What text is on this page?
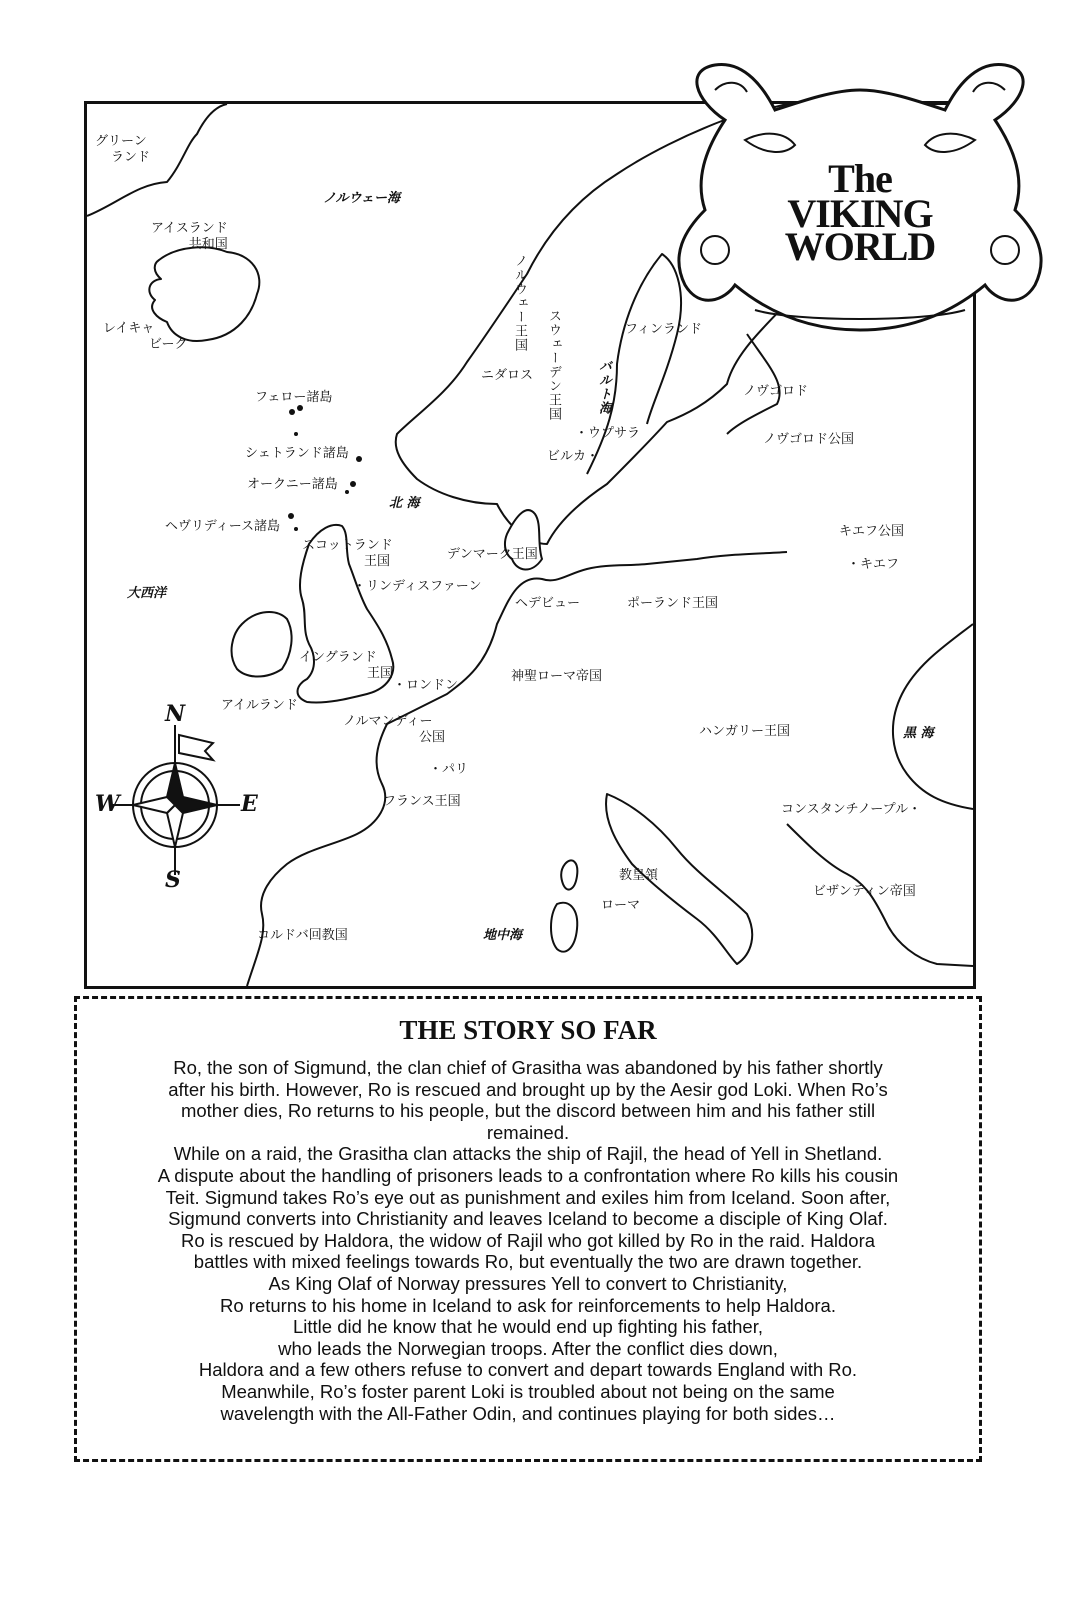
グリーン
ランド
ノルウェー海
アイスランド
共和国
レイキャ
ビーク
フェロー諸島
シェトランド諸島
オークニー諸島
ヘヴリディース諸島
大西洋
北 海
ノルウェー王国
スウェーデン王国	バルト海
フィンランド
ノヴゴロド
ノヴゴロド公国
ニダロス
・ウプサラ
ビルカ・
スコットランド
王国
・リンディスファーン
デンマーク王国
ヘデビュー	ポーランド王国
キエフ公国
・キエフ
イングランド
王国
・ロンドン
アイルランド
神聖ローマ帝国
ノルマンディー
公国
・パリ
フランス王国
ハンガリー王国	黒 海
コンスタンチノープル・
教皇領
ローマ
ビザンティン帝国
コルドバ回教国	地中海
The
VIKING
WORLD
N
S
W	E
THE STORY SO FAR

Ro, the son of Sigmund, the clan chief of Grasitha was abandoned by his father shortly

after his birth. However, Ro is rescued and brought up by the Aesir god Loki. When Ro’s

mother dies, Ro returns to his people, but the discord between him and his father still

remained.

While on a raid, the Grasitha clan attacks the ship of Rajil, the head of Yell in Shetland.

A dispute about the handling of prisoners leads to a confrontation where Ro kills his cousin

Teit. Sigmund takes Ro’s eye out as punishment and exiles him from Iceland. Soon after,

Sigmund converts into Christianity and leaves Iceland to become a disciple of King Olaf.

Ro is rescued by Haldora, the widow of Rajil who got killed by Ro in the raid. Haldora

battles with mixed feelings towards Ro, but eventually the two are drawn together.

As King Olaf of Norway pressures Yell to convert to Christianity,

Ro returns to his home in Iceland to ask for reinforcements to help Haldora.

Little did he know that he would end up fighting his father,

who leads the Norwegian troops. After the conflict dies down,

Haldora and a few others refuse to convert and depart towards England with Ro.

Meanwhile, Ro’s foster parent Loki is troubled about not being on the same

wavelength with the All-Father Odin, and continues playing for both sides…
